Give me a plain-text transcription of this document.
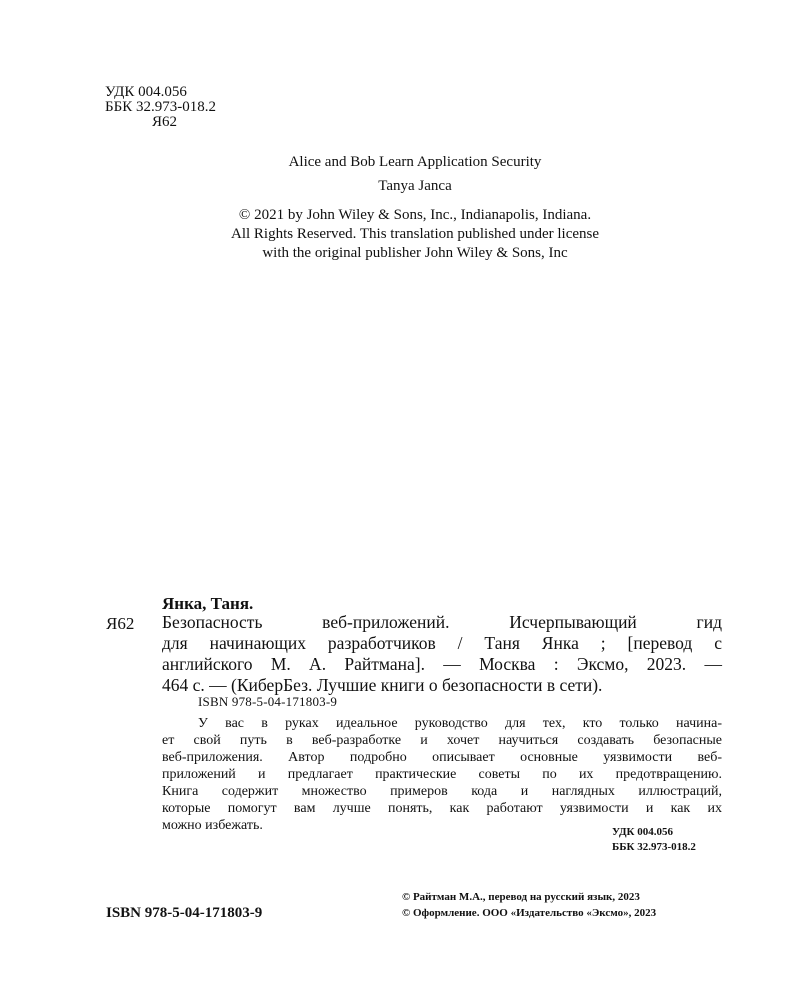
УДК 004.056
ББК 32.973-018.2
Я62
Alice and Bob Learn Application Security
Tanya Janca
© 2021 by John Wiley & Sons, Inc., Indianapolis, Indiana.
All Rights Reserved. This translation published under license
with the original publisher John Wiley & Sons, Inc
Янка, Таня.
Я62 Безопасность веб-приложений. Исчерпывающий гид
для начинающих разработчиков / Таня Янка ; [перевод с
английского М. А. Райтмана]. — Москва : Эксмо, 2023. —
464 с. — (КиберБез. Лучшие книги о безопасности в сети).
ISBN 978-5-04-171803-9
У вас в руках идеальное руководство для тех, кто только начина-
ет свой путь в веб-разработке и хочет научиться создавать безопасные
веб-приложения. Автор подробно описывает основные уязвимости веб-
приложений и предлагает практические советы по их предотвращению.
Книга содержит множество примеров кода и наглядных иллюстраций,
которые помогут вам лучше понять, как работают уязвимости и как их
можно избежать.	УДК 004.056
ББК 32.973-018.2
ISBN 978-5-04-171803-9
© Райтман М.А., перевод на русский язык, 2023
© Оформление. ООО «Издательство «Эксмо», 2023
